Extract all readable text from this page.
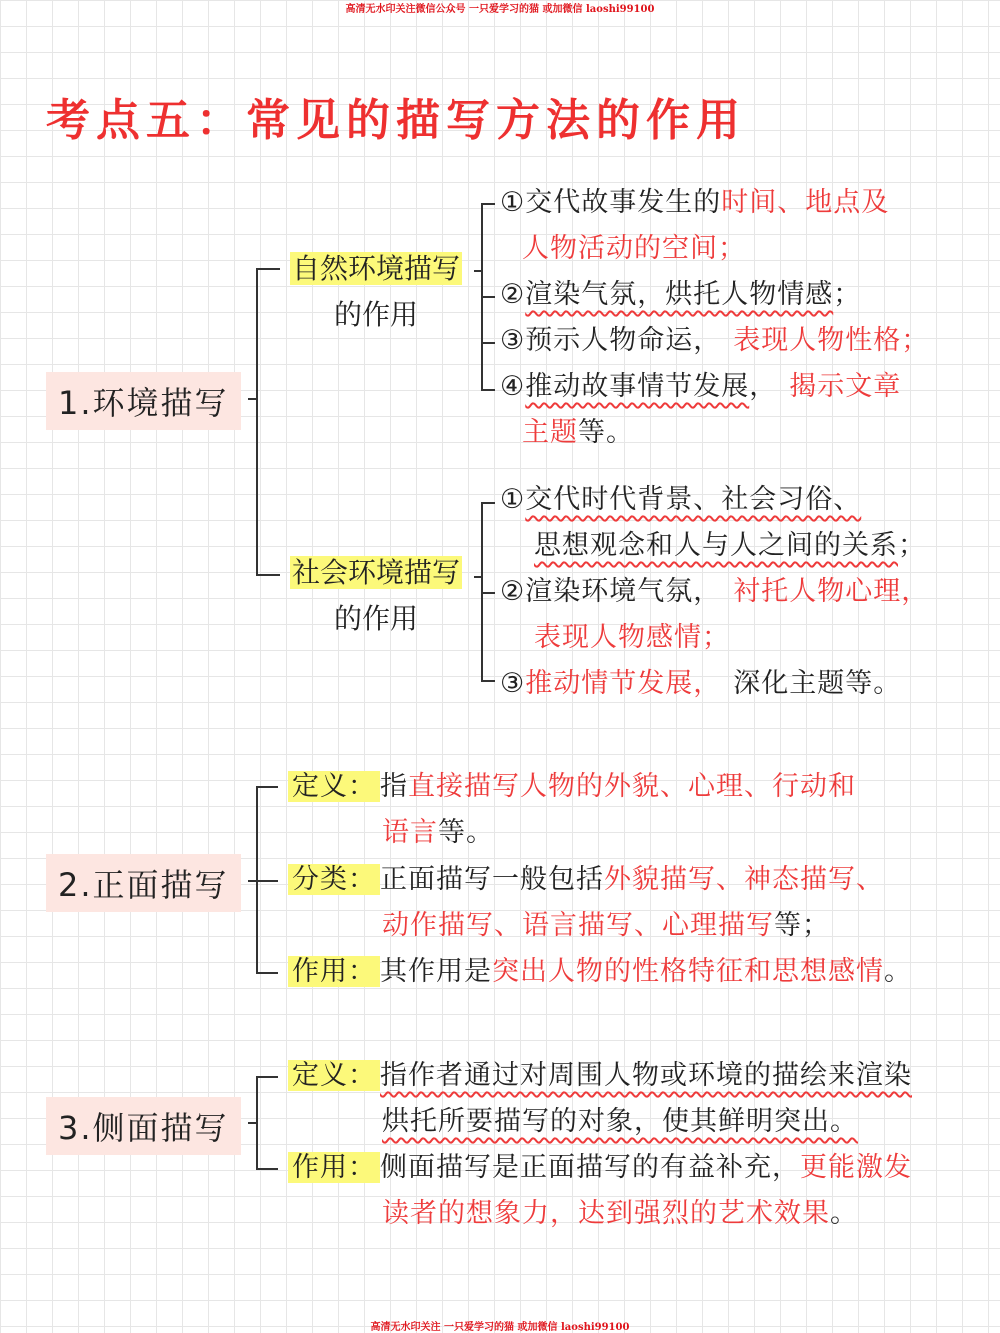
高清无水印关注微信公众号 一只爱学习的猫 或加微信 laoshi99100
高清无水印关注 一只爱学习的猫 或加微信 laoshi99100
考点五：常见的描写方法的作用
1.环境描写
自然环境描写
的作用
①交代故事发生的时间、地点及
人物活动的空间；
②渲染气氛，烘托人物情感；
③预示人物命运， 表现人物性格；
④推动故事情节发展， 揭示文章
主题等。
社会环境描写
的作用
①交代时代背景、社会习俗、
思想观念和人与人之间的关系；
②渲染环境气氛， 衬托人物心理，
表现人物感情；
③推动情节发展， 深化主题等。
2.正面描写
定义： 指直接描写人物的外貌、心理、行动和
语言等。
分类： 正面描写一般包括外貌描写、神态描写、
动作描写、语言描写、心理描写等；
作用： 其作用是突出人物的性格特征和思想感情。
3.侧面描写
定义： 指作者通过对周围人物或环境的描绘来渲染
烘托所要描写的对象，使其鲜明突出。
作用： 侧面描写是正面描写的有益补充，更能激发
读者的想象力，达到强烈的艺术效果。
